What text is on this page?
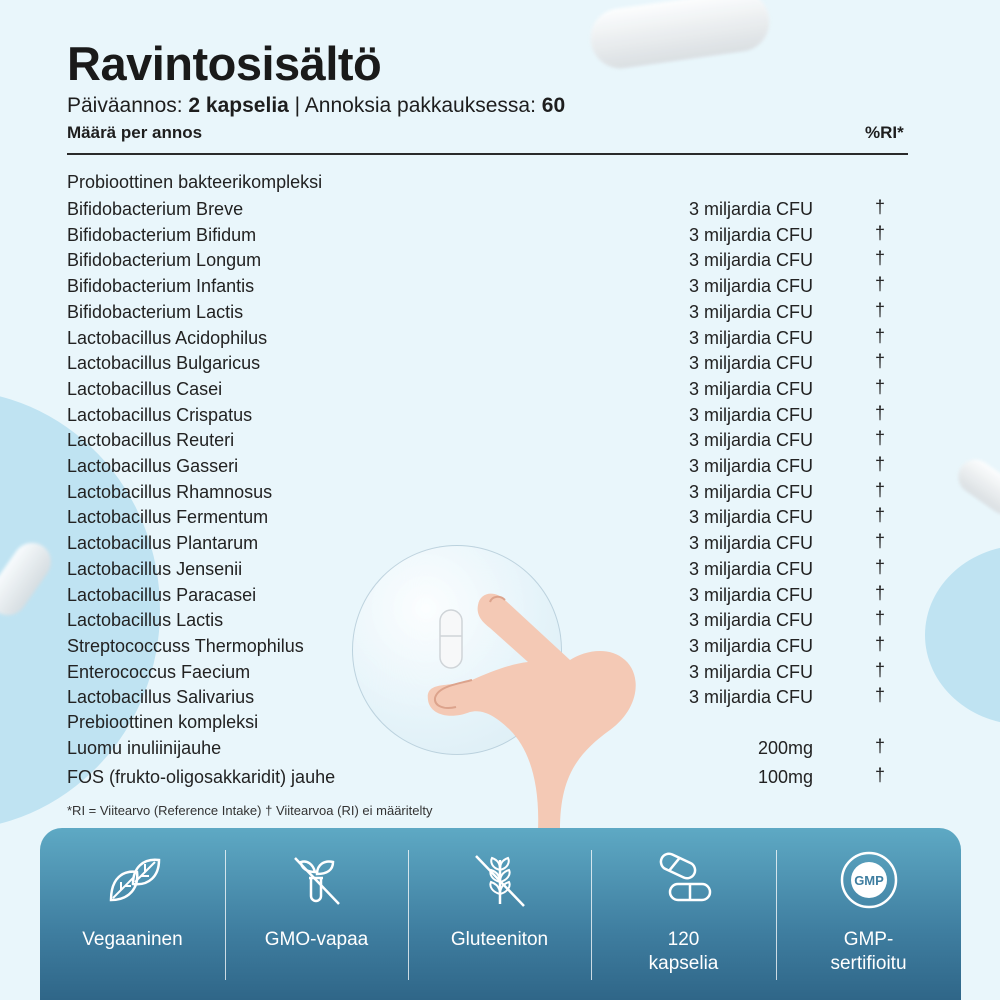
Ravintosisältö
Päiväannos: 2 kapselia | Annoksia pakkauksessa: 60
Määrä per annos	%RI*
Probioottinen bakteerikompleksi
Bifidobacterium Breve	3 miljardia CFU	†
Bifidobacterium Bifidum	3 miljardia CFU	†
Bifidobacterium Longum	3 miljardia CFU	†
Bifidobacterium Infantis	3 miljardia CFU	†
Bifidobacterium Lactis	3 miljardia CFU	†
Lactobacillus Acidophilus	3 miljardia CFU	†
Lactobacillus Bulgaricus	3 miljardia CFU	†
Lactobacillus Casei	3 miljardia CFU	†
Lactobacillus Crispatus	3 miljardia CFU	†
Lactobacillus Reuteri	3 miljardia CFU	†
Lactobacillus Gasseri	3 miljardia CFU	†
Lactobacillus Rhamnosus	3 miljardia CFU	†
Lactobacillus Fermentum	3 miljardia CFU	†
Lactobacillus Plantarum	3 miljardia CFU	†
Lactobacillus Jensenii	3 miljardia CFU	†
Lactobacillus Paracasei	3 miljardia CFU	†
Lactobacillus Lactis	3 miljardia CFU	†
Streptococcuss Thermophilus	3 miljardia CFU	†
Enterococcus Faecium	3 miljardia CFU	†
Lactobacillus Salivarius	3 miljardia CFU	†
Prebioottinen kompleksi
Luomu inuliinijauhe	200mg	†
FOS (frukto-oligosakkaridit) jauhe	100mg	†
*RI = Viitearvo (Reference Intake) † Viitearvoa (RI) ei määritelty
Vegaaninen	GMO-vapaa	Gluteeniton	120
kapselia
GMP
GMP-
sertifioitu
